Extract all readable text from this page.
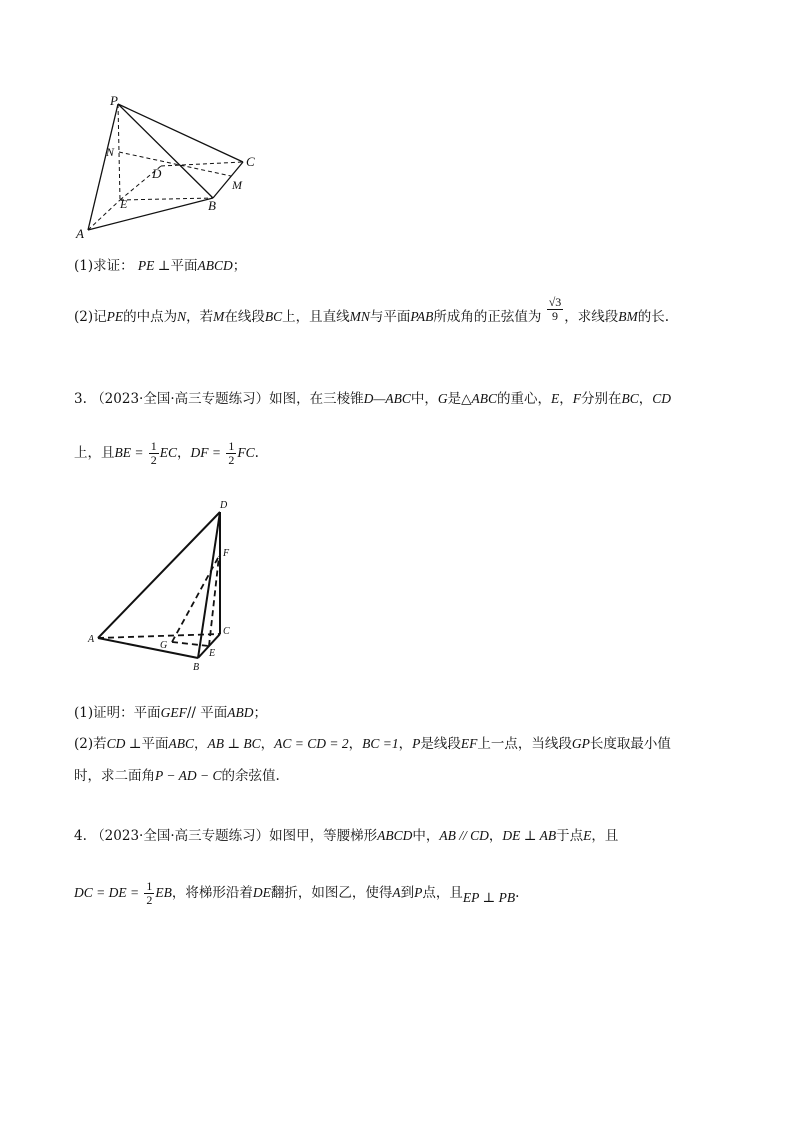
P
N
D
C
M
E	B
A
(1)求证： PE ⊥平面ABCD；
(2)记PE的中点为N，若M在线段BC上，且直线MN与平面PAB所成角的正弦值为 $\frac{√3}{9}$ ，求线段BM的长.
3. （2023·全国·高三专题练习）如图，在三棱锥D—ABC中，G是△ABC的重心，E，F分别在BC，CD
上，且BE = $\frac{1}{2}$ EC，DF = $\frac{1}{2}$ FC.
D
F
C
A
G
E
B
(1)证明：平面GEF// 平面ABD；
(2)若CD ⊥平面ABC，AB ⊥ BC，AC = CD = 2，BC =1，P是线段EF上一点，当线段GP长度取最小值
时，求二面角P − AD − C的余弦值.
4. （2023·全国·高三专题练习）如图甲，等腰梯形ABCD中，AB // CD，DE ⊥ AB于点E，且
DC = DE = $\frac{1}{2}$ EB，将梯形沿着DE翻折，如图乙，使得A到P点，且EP ⊥ PB.
